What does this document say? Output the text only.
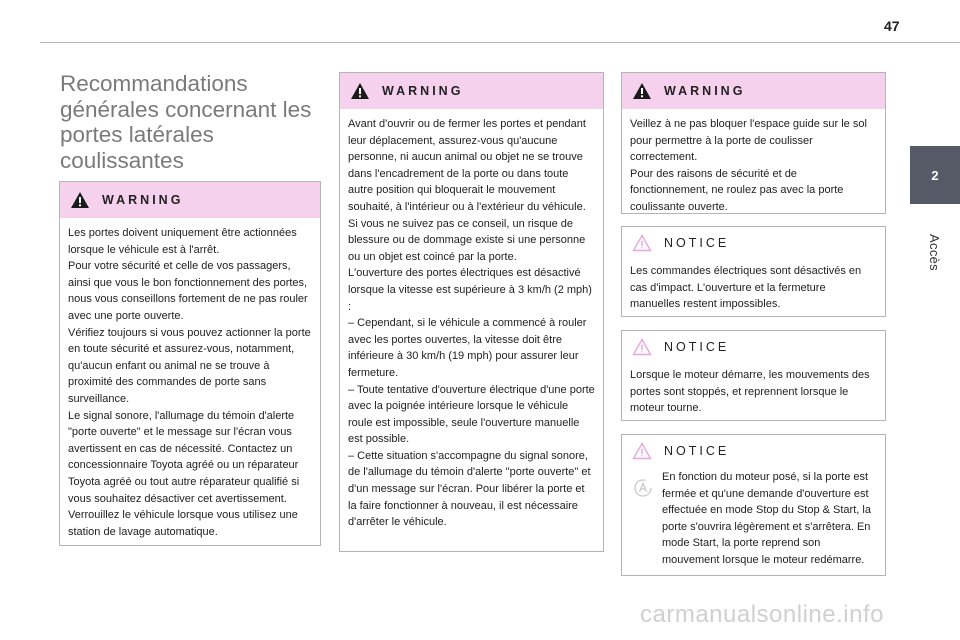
47
2
Accès
Recommandations générales concernant les portes latérales coulissantes
WARNING

Les portes doivent uniquement être actionnées lorsque le véhicule est à l'arrêt.

Pour votre sécurité et celle de vos passagers, ainsi que vous le bon fonctionnement des portes, nous vous conseillons fortement de ne pas rouler avec une porte ouverte.

Vérifiez toujours si vous pouvez actionner la porte en toute sécurité et assurez-vous, notamment, qu'aucun enfant ou animal ne se trouve à proximité des commandes de porte sans surveillance.

Le signal sonore, l'allumage du témoin d'alerte "porte ouverte" et le message sur l'écran vous avertissent en cas de nécessité. Contactez un concessionnaire Toyota agréé ou un réparateur Toyota agréé ou tout autre réparateur qualifié si vous souhaitez désactiver cet avertissement.

Verrouillez le véhicule lorsque vous utilisez une station de lavage automatique.

WARNING

Avant d'ouvrir ou de fermer les portes et pendant leur déplacement, assurez-vous qu'aucune personne, ni aucun animal ou objet ne se trouve dans l'encadrement de la porte ou dans toute autre position qui bloquerait le mouvement souhaité, à l'intérieur ou à l'extérieur du véhicule.

Si vous ne suivez pas ce conseil, un risque de blessure ou de dommage existe si une personne ou un objet est coincé par la porte.

L'ouverture des portes électriques est désactivé lorsque la vitesse est supérieure à 3 km/h (2 mph) :

– Cependant, si le véhicule a commencé à rouler avec les portes ouvertes, la vitesse doit être inférieure à 30 km/h (19 mph) pour assurer leur fermeture.

– Toute tentative d'ouverture électrique d'une porte avec la poignée intérieure lorsque le véhicule roule est impossible, seule l'ouverture manuelle est possible.

– Cette situation s'accompagne du signal sonore, de l'allumage du témoin d'alerte "porte ouverte" et d'un message sur l'écran. Pour libérer la porte et la faire fonctionner à nouveau, il est nécessaire d'arrêter le véhicule.

WARNING

Veillez à ne pas bloquer l'espace guide sur le sol pour permettre à la porte de coulisser correctement.

Pour des raisons de sécurité et de fonctionnement, ne roulez pas avec la porte coulissante ouverte.

NOTICE

Les commandes électriques sont désactivés en cas d'impact. L'ouverture et la fermeture manuelles restent impossibles.

NOTICE

Lorsque le moteur démarre, les mouvements des portes sont stoppés, et reprennent lorsque le moteur tourne.

NOTICE

En fonction du moteur posé, si la porte est fermée et qu'une demande d'ouverture est effectuée en mode Stop du Stop & Start, la porte s'ouvrira légèrement et s'arrêtera. En mode Start, la porte reprend son mouvement lorsque le moteur redémarre.

carmanualsonline.info
